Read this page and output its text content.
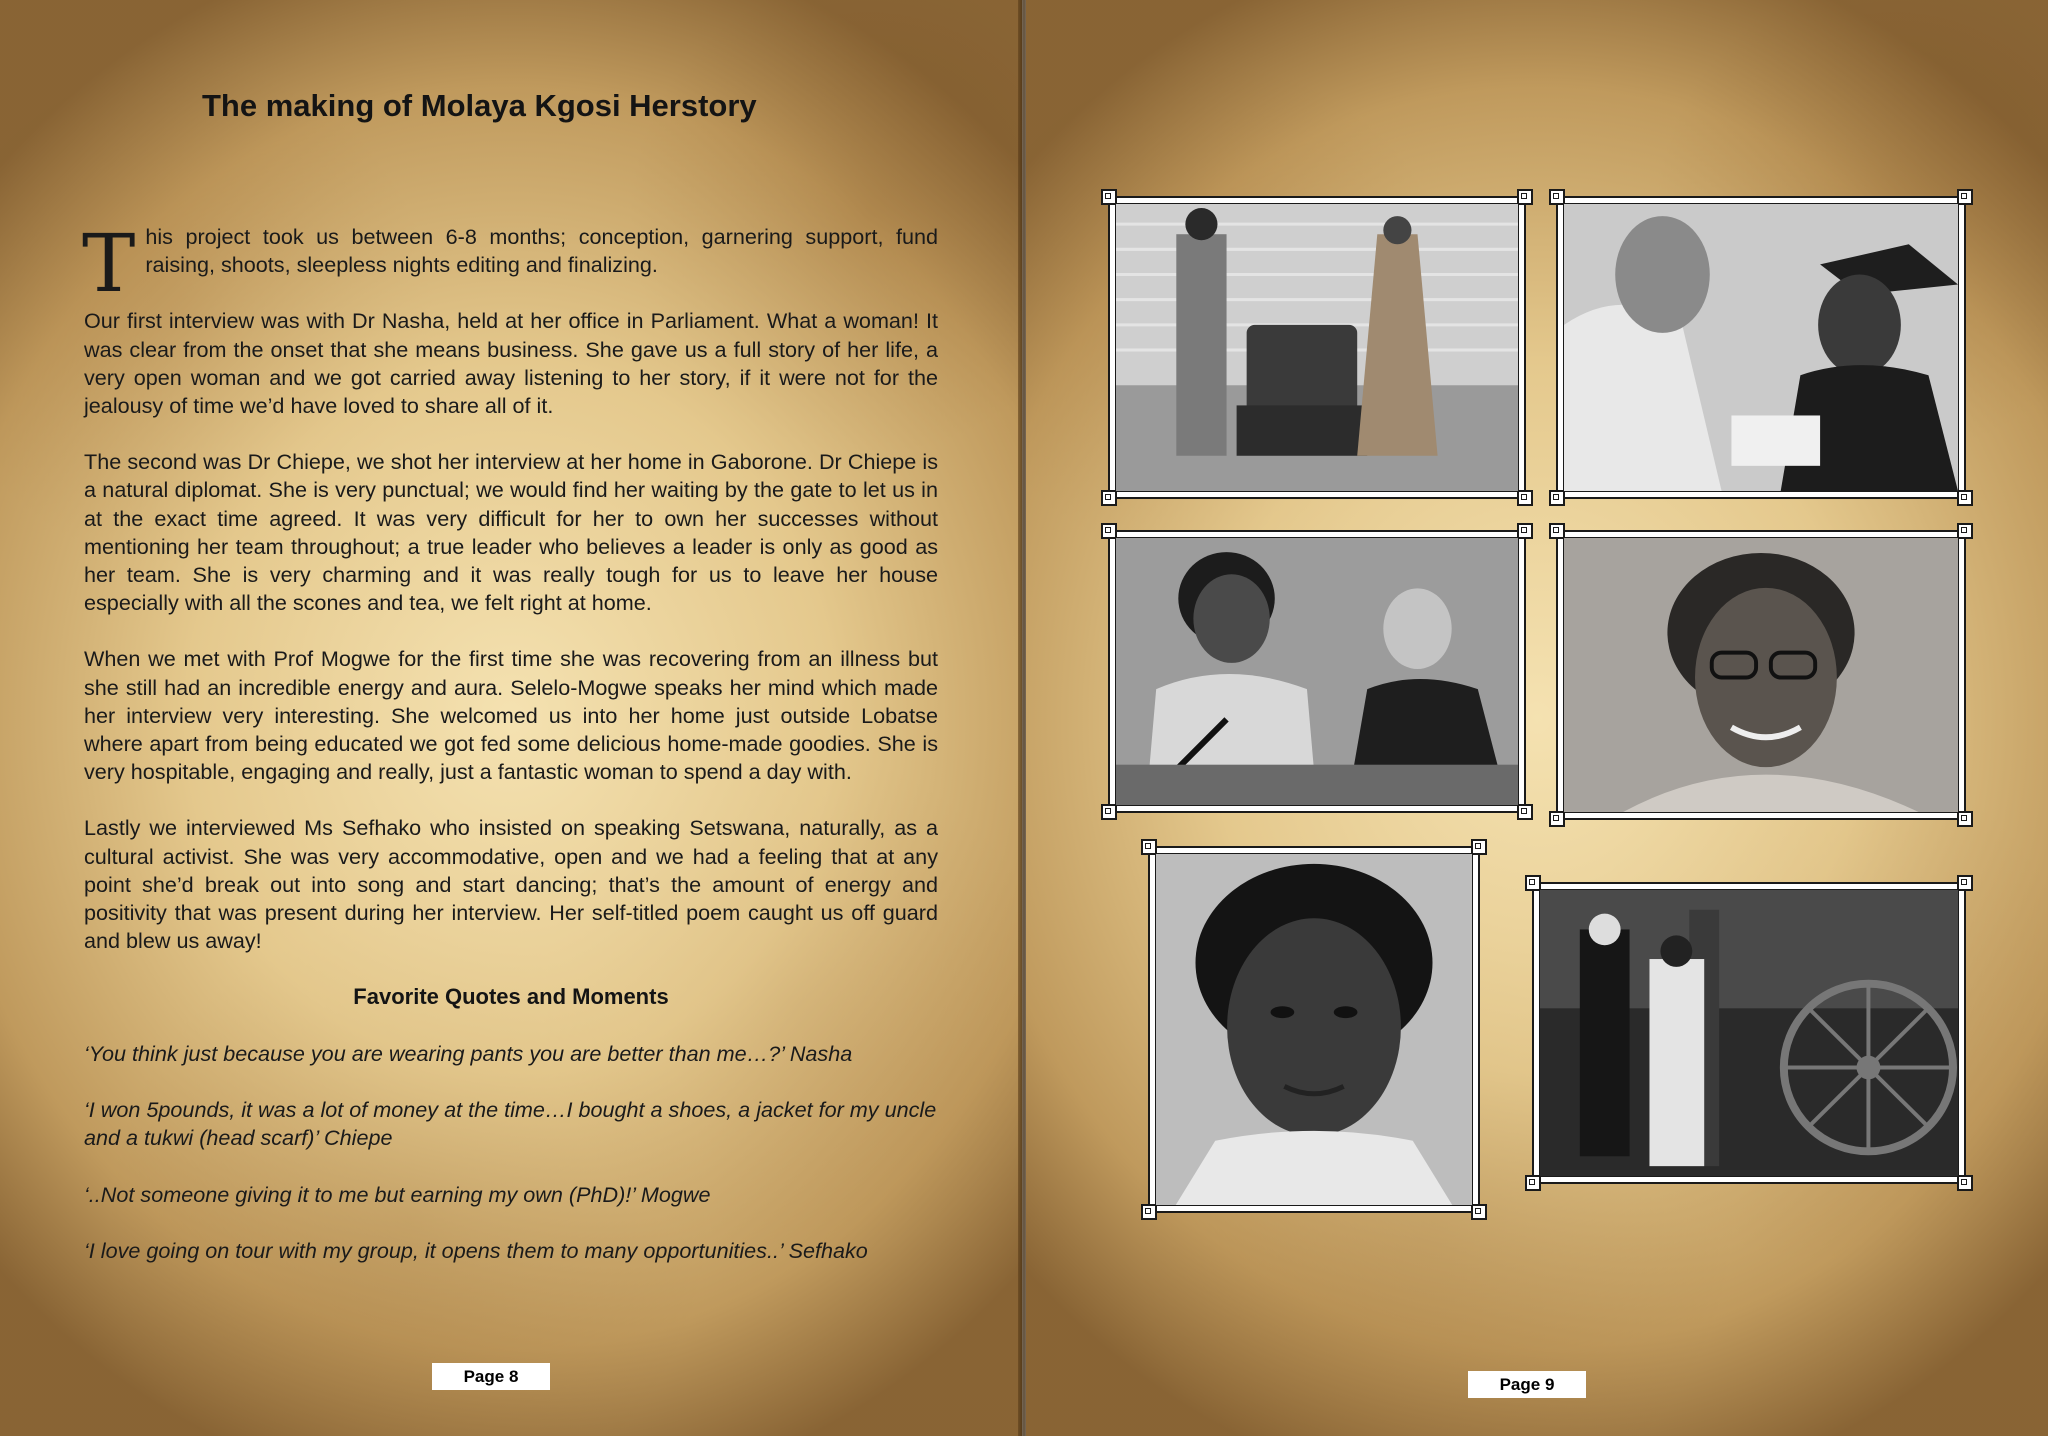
The making of Molaya Kgosi Herstory

This project took us between 6-8 months; conception, garnering support, fund raising, shoots, sleepless nights editing and finalizing.

Our first interview was with Dr Nasha, held at her office in Parliament. What a woman! It was clear from the onset that she means business. She gave us a full story of her life, a very open woman and we got carried away listening to her story, if it were not for the jealousy of time we’d have loved to share all of it.

The second was Dr Chiepe, we shot her interview at her home in Gaborone. Dr Chiepe is a natural diplomat. She is very punctual; we would find her waiting by the gate to let us in at the exact time agreed. It was very difficult for her to own her successes without mentioning her team throughout; a true leader who believes a leader is only as good as her team. She is very charming and it was really tough for us to leave her house especially with all the scones and tea, we felt right at home.

When we met with Prof Mogwe for the first time she was recovering from an illness but she still had an incredible energy and aura. Selelo-Mogwe speaks her mind which made her interview very interesting. She welcomed us into her home just outside Lobatse where apart from being educated we got fed some delicious home-made goodies. She is very hospitable, engaging and really, just a fantastic woman to spend a day with.

Lastly we interviewed Ms Sefhako who insisted on speaking Setswana, naturally, as a cultural activist. She was very accommodative, open and we had a feeling that at any point she’d break out into song and start dancing; that’s the amount of energy and positivity that was present during her interview. Her self-titled poem caught us off guard and blew us away!

Favorite Quotes and Moments

‘You think just because you are wearing pants you are better than me…?’ Nasha

‘I won 5pounds, it was a lot of money at the time…I bought a shoes, a jacket for my uncle and a tukwi (head scarf)’ Chiepe

‘..Not someone giving it to me but earning my own (PhD)!’ Mogwe

‘I love going on tour with my group, it opens them to many opportunities..’ Sefhako

Page 8	Page 9
